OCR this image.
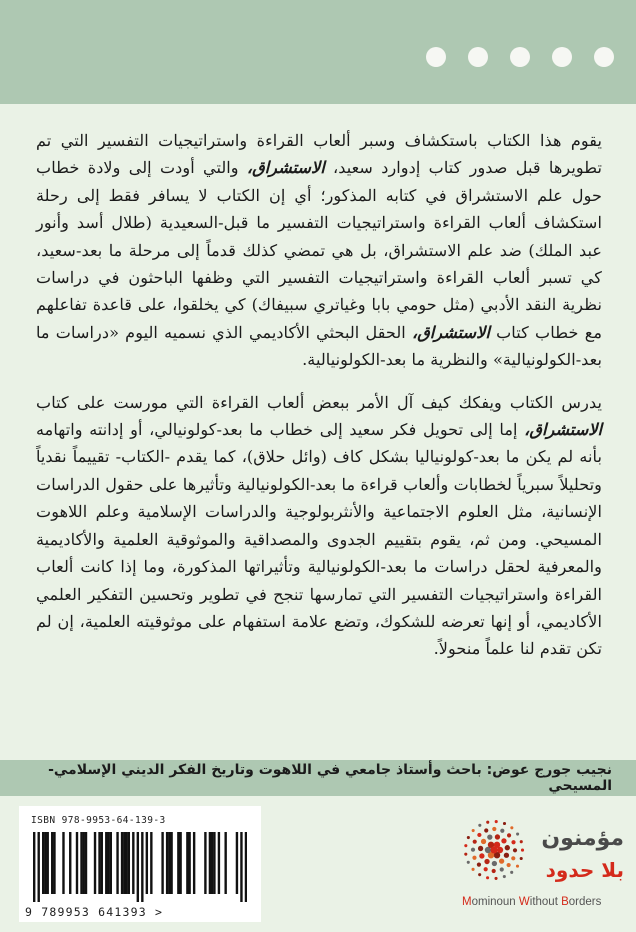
يقوم هذا الكتاب باستكشاف وسبر ألعاب القراءة واستراتيجيات التفسير التي تم تطويرها قبل صدور كتاب إدوارد سعيد، الاستشراق، والتي أودت إلى ولادة خطاب حول علم الاستشراق في كتابه المذكور؛ أي إن الكتاب لا يسافر فقط إلى رحلة استكشاف ألعاب القراءة واستراتيجيات التفسير ما قبل-السعيدية (طلال أسد وأنور عبد الملك) ضد علم الاستشراق، بل هي تمضي كذلك قدماً إلى مرحلة ما بعد-سعيد، كي تسبر ألعاب القراءة واستراتيجيات التفسير التي وظفها الباحثون في دراسات نظرية النقد الأدبي (مثل حومي بابا وغياتري سبيفاك) كي يخلقوا، على قاعدة تفاعلهم مع خطاب كتاب الاستشراق، الحقل البحثي الأكاديمي الذي نسميه اليوم «دراسات ما بعد-الكولونيالية» والنظرية ما بعد-الكولونيالية.

يدرس الكتاب ويفكك كيف آل الأمر ببعض ألعاب القراءة التي مورست على كتاب الاستشراق، إما إلى تحويل فكر سعيد إلى خطاب ما بعد-كولونيالي، أو إدانته واتهامه بأنه لم يكن ما بعد-كولونياليا بشكل كاف (وائل حلاق)، كما يقدم -الكتاب- تقييماً نقدياً وتحليلاً سبرياً لخطابات وألعاب قراءة ما بعد-الكولونيالية وتأثيرها على حقول الدراسات الإنسانية، مثل العلوم الاجتماعية والأنثربولوجية والدراسات الإسلامية وعلم اللاهوت المسيحي. ومن ثم، يقوم بتقييم الجدوى والمصداقية والموثوقية العلمية والأكاديمية والمعرفية لحقل دراسات ما بعد-الكولونيالية وتأثيراتها المذكورة، وما إذا كانت ألعاب القراءة واستراتيجيات التفسير التي تمارسها تنجح في تطوير وتحسين التفكير العلمي الأكاديمي، أو إنها تعرضه للشكوك، وتضع علامة استفهام على موثوقيته العلمية، إن لم تكن تقدم لنا علماً منحولاً.

نجيب جورج عوض: باحث وأستاذ جامعي في اللاهوت وتاريخ الفكر الديني الإسلامي-المسيحي
ISBN 978-9953-64-139-3
9 789953 641393 >
مؤمنون
بلا حدود
Mominoun Without Borders
